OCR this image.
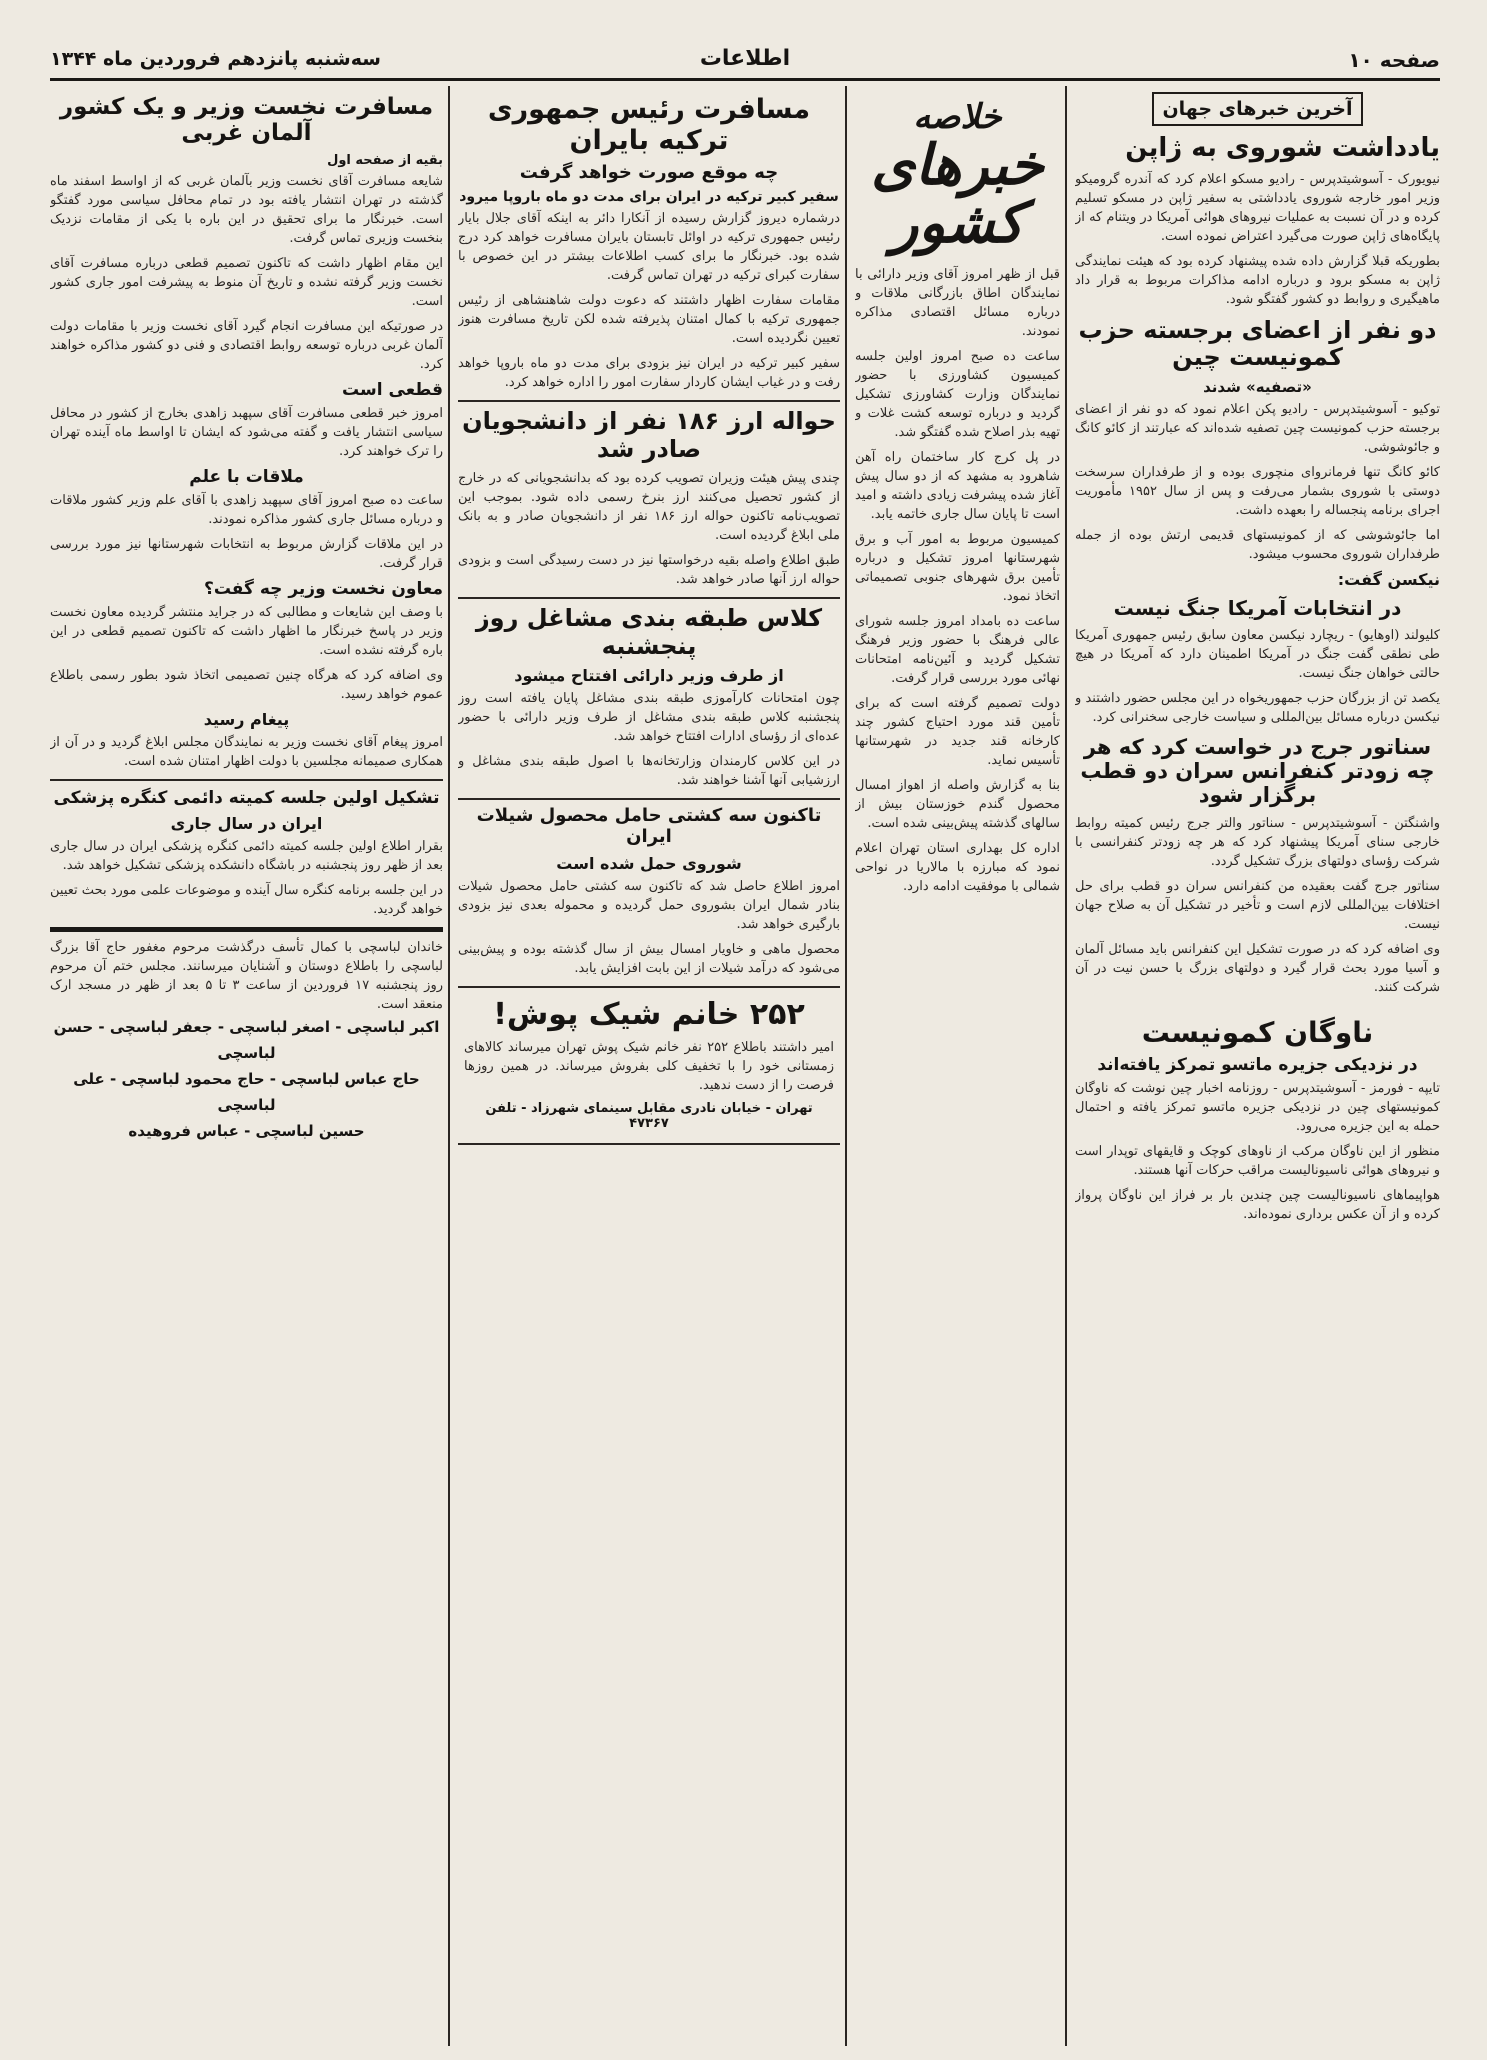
صفحه ۱۰
اطلاعات
سه‌شنبه پانزدهم فروردین ماه ۱۳۴۴
آخرین خبرهای جهان
یادداشت شوروی به ژاپن

نیویورک - آسوشیتدپرس - رادیو مسکو اعلام کرد که آندره گرومیکو وزیر امور خارجه شوروی یادداشتی به سفیر ژاپن در مسکو تسلیم کرده و در آن نسبت به عملیات نیروهای هوائی آمریکا در ویتنام که از پایگاه‌های ژاپن صورت می‌گیرد اعتراض نموده است.

بطوریکه قبلا گزارش داده شده پیشنهاد کرده بود که هیئت نمایندگی ژاپن به مسکو برود و درباره ادامه مذاکرات مربوط به قرار داد ماهیگیری و روابط دو کشور گفتگو شود.

دو نفر از اعضای برجسته حزب کمونیست چین
«تصفیه» شدند

توکیو - آسوشیتدپرس - رادیو پکن اعلام نمود که دو نفر از اعضای برجسته حزب کمونیست چین تصفیه شده‌اند که عبارتند از کائو کانگ و جائوشوشی.

کائو کانگ تنها فرمانروای منچوری بوده و از طرفداران سرسخت دوستی با شوروی بشمار می‌رفت و پس از سال ۱۹۵۲ مأموریت اجرای برنامه پنجساله را بعهده داشت.

اما جائوشوشی که از کمونیستهای قدیمی ارتش بوده از جمله طرفداران شوروی محسوب میشود.

نیکسن گفت:
در انتخابات آمریکا جنگ نیست

کلیولند (اوهایو) - ریچارد نیکسن معاون سابق رئیس جمهوری آمریکا طی نطقی گفت جنگ در آمریکا اطمینان دارد که آمریکا در هیچ حالتی خواهان جنگ نیست.

یکصد تن از بزرگان حزب جمهوریخواه در این مجلس حضور داشتند و نیکسن درباره مسائل بین‌المللی و سیاست خارجی سخنرانی کرد.

سناتور جرج در خواست کرد که هر چه زودتر کنفرانس سران دو قطب برگزار شود

واشنگتن - آسوشیتدپرس - سناتور والتر جرج رئیس کمیته روابط خارجی سنای آمریکا پیشنهاد کرد که هر چه زودتر کنفرانسی با شرکت رؤسای دولتهای بزرگ تشکیل گردد.

سناتور جرج گفت بعقیده من کنفرانس سران دو قطب برای حل اختلافات بین‌المللی لازم است و تأخیر در تشکیل آن به صلاح جهان نیست.

وی اضافه کرد که در صورت تشکیل این کنفرانس باید مسائل آلمان و آسیا مورد بحث قرار گیرد و دولتهای بزرگ با حسن نیت در آن شرکت کنند.

ناوگان کمونیست
در نزدیکی جزیره ماتسو تمرکز یافته‌اند

تایپه - فورمز - آسوشیتدپرس - روزنامه اخبار چین نوشت که ناوگان کمونیستهای چین در نزدیکی جزیره ماتسو تمرکز یافته و احتمال حمله به این جزیره می‌رود.

منظور از این ناوگان مرکب از ناوهای کوچک و قایقهای توپدار است و نیروهای هوائی ناسیونالیست مراقب حرکات آنها هستند.

هواپیماهای ناسیونالیست چین چندین بار بر فراز این ناوگان پرواز کرده و از آن عکس برداری نموده‌اند.

خلاصه
خبرهای کشور

قبل از ظهر امروز آقای وزیر دارائی با نمایندگان اطاق بازرگانی ملاقات و درباره مسائل اقتصادی مذاکره نمودند.

ساعت ده صبح امروز اولین جلسه کمیسیون کشاورزی با حضور نمایندگان وزارت کشاورزی تشکیل گردید و درباره توسعه کشت غلات و تهیه بذر اصلاح شده گفتگو شد.

در پل کرج کار ساختمان راه آهن شاهرود به مشهد که از دو سال پیش آغاز شده پیشرفت زیادی داشته و امید است تا پایان سال جاری خاتمه یابد.

کمیسیون مربوط به امور آب و برق شهرستانها امروز تشکیل و درباره تأمین برق شهرهای جنوبی تصمیماتی اتخاذ نمود.

ساعت ده بامداد امروز جلسه شورای عالی فرهنگ با حضور وزیر فرهنگ تشکیل گردید و آئین‌نامه امتحانات نهائی مورد بررسی قرار گرفت.

دولت تصمیم گرفته است که برای تأمین قند مورد احتیاج کشور چند کارخانه قند جدید در شهرستانها تأسیس نماید.

بنا به گزارش واصله از اهواز امسال محصول گندم خوزستان بیش از سالهای گذشته پیش‌بینی شده است.

اداره کل بهداری استان تهران اعلام نمود که مبارزه با مالاریا در نواحی شمالی با موفقیت ادامه دارد.

مسافرت رئیس جمهوری ترکیه بایران
چه موقع صورت خواهد گرفت
سفیر کبیر ترکیه در ایران برای مدت دو ماه باروپا میرود

درشماره دیروز گزارش رسیده از آنکارا دائر به اینکه آقای جلال بایار رئیس جمهوری ترکیه در اوائل تابستان بایران مسافرت خواهد کرد درج شده بود. خبرنگار ما برای کسب اطلاعات بیشتر در این خصوص با سفارت کبرای ترکیه در تهران تماس گرفت.

مقامات سفارت اظهار داشتند که دعوت دولت شاهنشاهی از رئیس جمهوری ترکیه با کمال امتنان پذیرفته شده لکن تاریخ مسافرت هنوز تعیین نگردیده است.

سفیر کبیر ترکیه در ایران نیز بزودی برای مدت دو ماه باروپا خواهد رفت و در غیاب ایشان کاردار سفارت امور را اداره خواهد کرد.

حواله ارز ۱۸۶ نفر از دانشجویان صادر شد

چندی پیش هیئت وزیران تصویب کرده بود که بدانشجویانی که در خارج از کشور تحصیل می‌کنند ارز بنرخ رسمی داده شود. بموجب این تصویب‌نامه تاکنون حواله ارز ۱۸۶ نفر از دانشجویان صادر و به بانک ملی ابلاغ گردیده است.

طبق اطلاع واصله بقیه درخواستها نیز در دست رسیدگی است و بزودی حواله ارز آنها صادر خواهد شد.

کلاس طبقه بندی مشاغل روز پنجشنبه
از طرف وزیر دارائی افتتاح میشود

چون امتحانات کارآموزی طبقه بندی مشاغل پایان یافته است روز پنجشنبه کلاس طبقه بندی مشاغل از طرف وزیر دارائی با حضور عده‌ای از رؤسای ادارات افتتاح خواهد شد.

در این کلاس کارمندان وزارتخانه‌ها با اصول طبقه بندی مشاغل و ارزشیابی آنها آشنا خواهند شد.

تاکنون سه کشتی حامل محصول شیلات ایران
شوروی حمل شده است

امروز اطلاع حاصل شد که تاکنون سه کشتی حامل محصول شیلات بنادر شمال ایران بشوروی حمل گردیده و محموله بعدی نیز بزودی بارگیری خواهد شد.

محصول ماهی و خاویار امسال بیش از سال گذشته بوده و پیش‌بینی می‌شود که درآمد شیلات از این بابت افزایش یابد.

۲۵۲ خانم شیک پوش!
امیر داشتند باطلاع ۲۵۲ نفر خانم شیک پوش تهران میرساند کالاهای زمستانی خود را با تخفیف کلی بفروش میرساند. در همین روزها فرصت را از دست ندهید.
تهران - خیابان نادری مقابل سینمای شهرزاد - تلفن ۴۷۳۶۷
مسافرت نخست وزیر و یک کشور آلمان غربی
بقیه از صفحه اول

شایعه مسافرت آقای نخست وزیر بآلمان غربی که از اواسط اسفند ماه گذشته در تهران انتشار یافته بود در تمام محافل سیاسی مورد گفتگو است. خبرنگار ما برای تحقیق در این باره با یکی از مقامات نزدیک بنخست وزیری تماس گرفت.

این مقام اظهار داشت که تاکنون تصمیم قطعی درباره مسافرت آقای نخست وزیر گرفته نشده و تاریخ آن منوط به پیشرفت امور جاری کشور است.

در صورتیکه این مسافرت انجام گیرد آقای نخست وزیر با مقامات دولت آلمان غربی درباره توسعه روابط اقتصادی و فنی دو کشور مذاکره خواهند کرد.

قطعی است

امروز خبر قطعی مسافرت آقای سپهبد زاهدی بخارج از کشور در محافل سیاسی انتشار یافت و گفته می‌شود که ایشان تا اواسط ماه آینده تهران را ترک خواهند کرد.

ملاقات با علم

ساعت ده صبح امروز آقای سپهبد زاهدی با آقای علم وزیر کشور ملاقات و درباره مسائل جاری کشور مذاکره نمودند.

در این ملاقات گزارش مربوط به انتخابات شهرستانها نیز مورد بررسی قرار گرفت.

معاون نخست وزیر چه گفت؟

با وصف این شایعات و مطالبی که در جراید منتشر گردیده معاون نخست وزیر در پاسخ خبرنگار ما اظهار داشت که تاکنون تصمیم قطعی در این باره گرفته نشده است.

وی اضافه کرد که هرگاه چنین تصمیمی اتخاذ شود بطور رسمی باطلاع عموم خواهد رسید.

پیغام رسید

امروز پیغام آقای نخست وزیر به نمایندگان مجلس ابلاغ گردید و در آن از همکاری صمیمانه مجلسین با دولت اظهار امتنان شده است.

تشکیل اولین جلسه کمیته دائمی کنگره پزشکی
ایران در سال جاری

بقرار اطلاع اولین جلسه کمیته دائمی کنگره پزشکی ایران در سال جاری بعد از ظهر روز پنجشنبه در باشگاه دانشکده پزشکی تشکیل خواهد شد.

در این جلسه برنامه کنگره سال آینده و موضوعات علمی مورد بحث تعیین خواهد گردید.

خاندان لباسچی با کمال تأسف درگذشت مرحوم مغفور حاج آقا بزرگ لباسچی را باطلاع دوستان و آشنایان میرسانند. مجلس ختم آن مرحوم روز پنجشنبه ۱۷ فروردین از ساعت ۳ تا ۵ بعد از ظهر در مسجد ارک منعقد است.
اکبر لباسچی - اصغر لباسچی - جعفر لباسچی - حسن لباسچی
حاج عباس لباسچی - حاج محمود لباسچی - علی لباسچی
حسین لباسچی - عباس فروهیده
